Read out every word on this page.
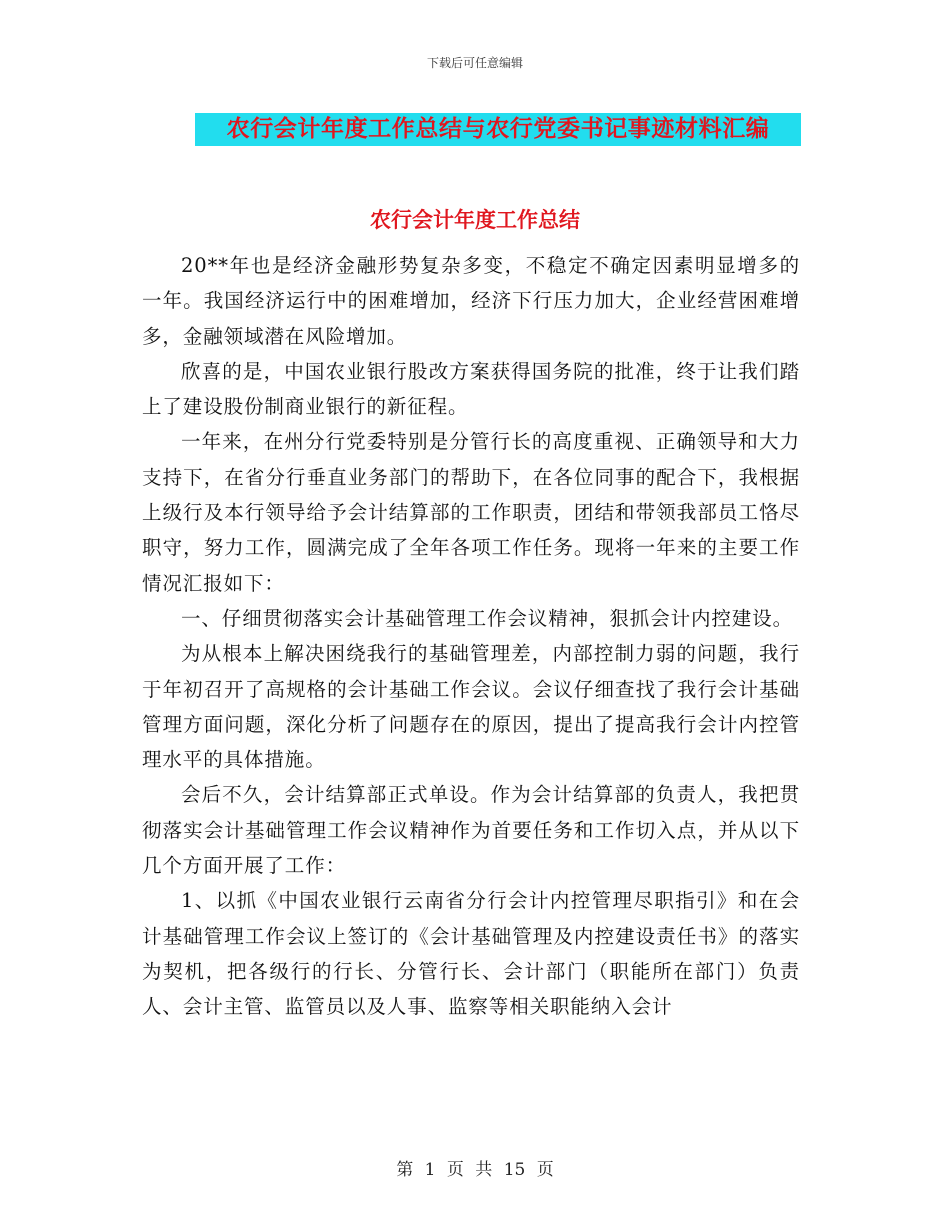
下载后可任意编辑
农行会计年度工作总结与农行党委书记事迹材料汇编
农行会计年度工作总结

20**年也是经济金融形势复杂多变，不稳定不确定因素明显增多的一年。我国经济运行中的困难增加，经济下行压力加大，企业经营困难增多，金融领域潜在风险增加。

欣喜的是，中国农业银行股改方案获得国务院的批准，终于让我们踏上了建设股份制商业银行的新征程。

一年来，在州分行党委特别是分管行长的高度重视、正确领导和大力支持下，在省分行垂直业务部门的帮助下，在各位同事的配合下，我根据上级行及本行领导给予会计结算部的工作职责，团结和带领我部员工恪尽职守，努力工作，圆满完成了全年各项工作任务。现将一年来的主要工作情况汇报如下：

一、仔细贯彻落实会计基础管理工作会议精神，狠抓会计内控建设。

为从根本上解决困绕我行的基础管理差，内部控制力弱的问题，我行于年初召开了高规格的会计基础工作会议。会议仔细查找了我行会计基础管理方面问题，深化分析了问题存在的原因，提出了提高我行会计内控管理水平的具体措施。

会后不久，会计结算部正式单设。作为会计结算部的负责人，我把贯彻落实会计基础管理工作会议精神作为首要任务和工作切入点，并从以下几个方面开展了工作：

1、以抓《中国农业银行云南省分行会计内控管理尽职指引》和在会计基础管理工作会议上签订的《会计基础管理及内控建设责任书》的落实为契机，把各级行的行长、分管行长、会计部门（职能所在部门）负责人、会计主管、监管员以及人事、监察等相关职能纳入会计

第 1 页 共 15 页
